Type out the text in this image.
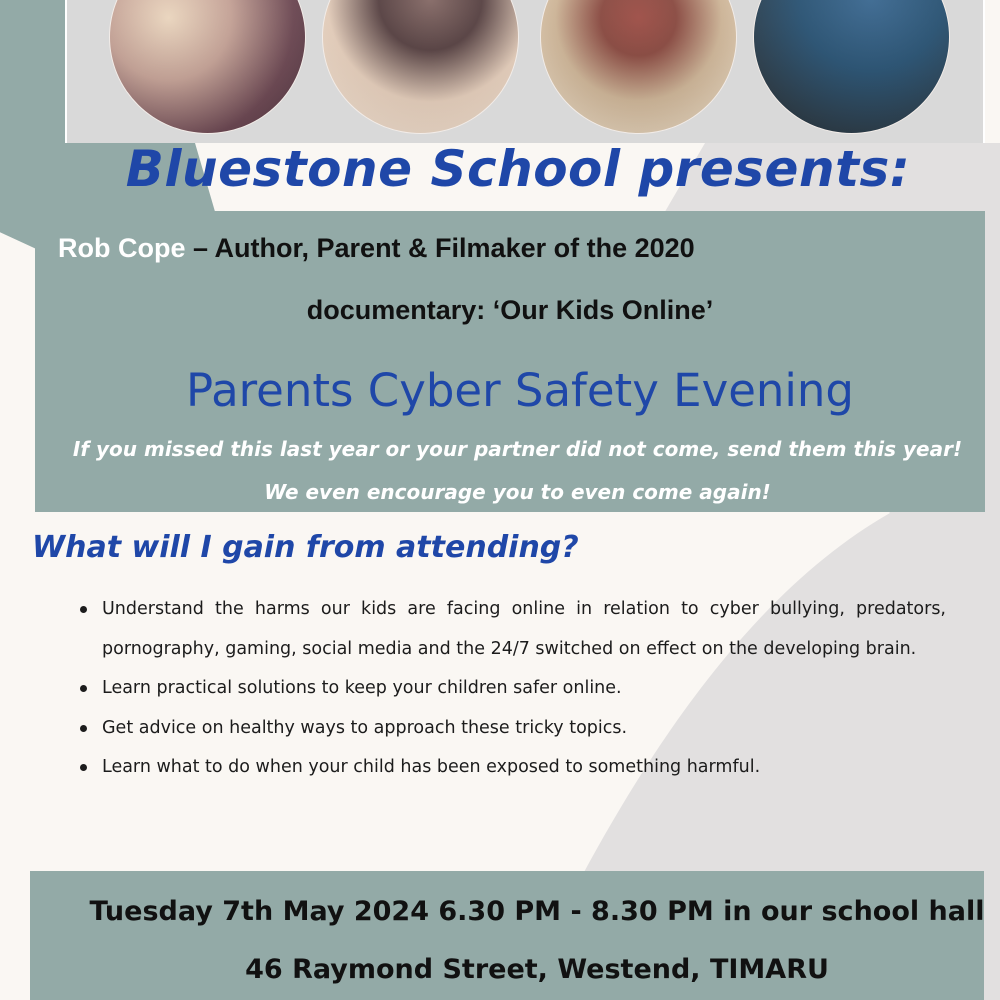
Bluestone School presents:
Rob Cope – Author, Parent & Filmaker of the 2020
documentary: ‘Our Kids Online’
Parents Cyber Safety Evening
If you missed this last year or your partner did not come, send them this year!
We even encourage you to even come again!
What will I gain from attending?
Understand the harms our kids are facing online in relation to cyber bullying, predators, pornography, gaming, social media and the 24/7 switched on effect on the developing brain.
Learn practical solutions to keep your children safer online.
Get advice on healthy ways to approach these tricky topics.
Learn what to do when your child has been exposed to something harmful.
Tuesday 7th May 2024 6.30 PM - 8.30 PM in our school hall
46 Raymond Street, Westend, TIMARU
